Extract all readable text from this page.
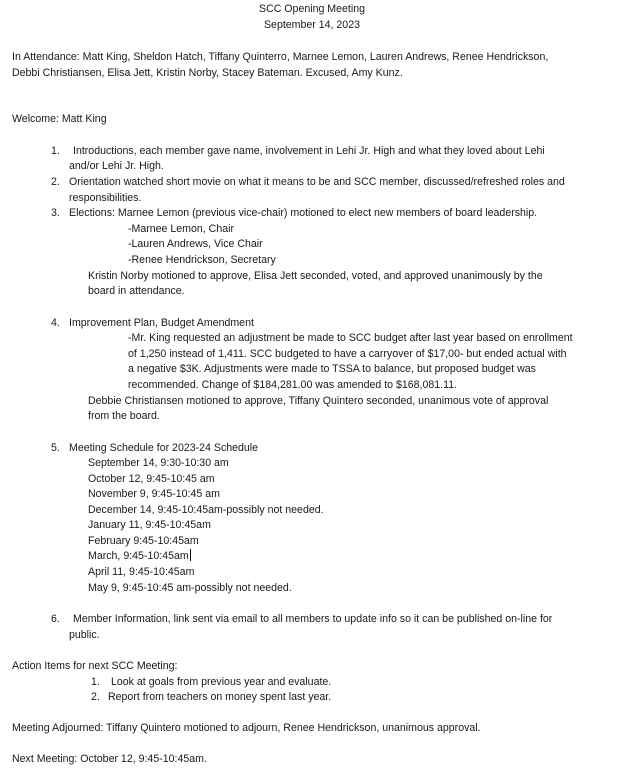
SCC Opening Meeting
September 14, 2023
In Attendance: Matt King, Sheldon Hatch, Tiffany Quinterro, Marnee Lemon, Lauren Andrews, Renee Hendrickson,
Debbi Christiansen, Elisa Jett, Kristin Norby, Stacey Bateman. Excused, Amy Kunz.
Welcome: Matt King
1. Introductions, each member gave name, involvement in Lehi Jr. High and what they loved about Lehi
and/or Lehi Jr. High.
2. Orientation watched short movie on what it means to be and SCC member, discussed/refreshed roles and
responsibilities.
3. Elections: Marnee Lemon (previous vice-chair) motioned to elect new members of board leadership.
-Marnee Lemon, Chair
-Lauren Andrews, Vice Chair
-Renee Hendrickson, Secretary
Kristin Norby motioned to approve, Elisa Jett seconded, voted, and approved unanimously by the
board in attendance.
4. Improvement Plan, Budget Amendment
-Mr. King requested an adjustment be made to SCC budget after last year based on enrollment
of 1,250 instead of 1,411. SCC budgeted to have a carryover of $17,00- but ended actual with
a negative $3K. Adjustments were made to TSSA to balance, but proposed budget was
recommended. Change of $184,281.00 was amended to $168,081.11.
Debbie Christiansen motioned to approve, Tiffany Quintero seconded, unanimous vote of approval
from the board.
5. Meeting Schedule for 2023-24 Schedule
September 14, 9:30-10:30 am
October 12, 9:45-10:45 am
November 9, 9:45-10:45 am
December 14, 9:45-10:45am-possibly not needed.
January 11, 9:45-10:45am
February 9:45-10:45am
March, 9:45-10:45am
April 11, 9:45-10:45am
May 9, 9:45-10:45 am-possibly not needed.
6. Member Information, link sent via email to all members to update info so it can be published on-line for
public.
Action Items for next SCC Meeting:
1. Look at goals from previous year and evaluate.
2. Report from teachers on money spent last year.
Meeting Adjourned: Tiffany Quintero motioned to adjourn, Renee Hendrickson, unanimous approval.
Next Meeting: October 12, 9:45-10:45am.
